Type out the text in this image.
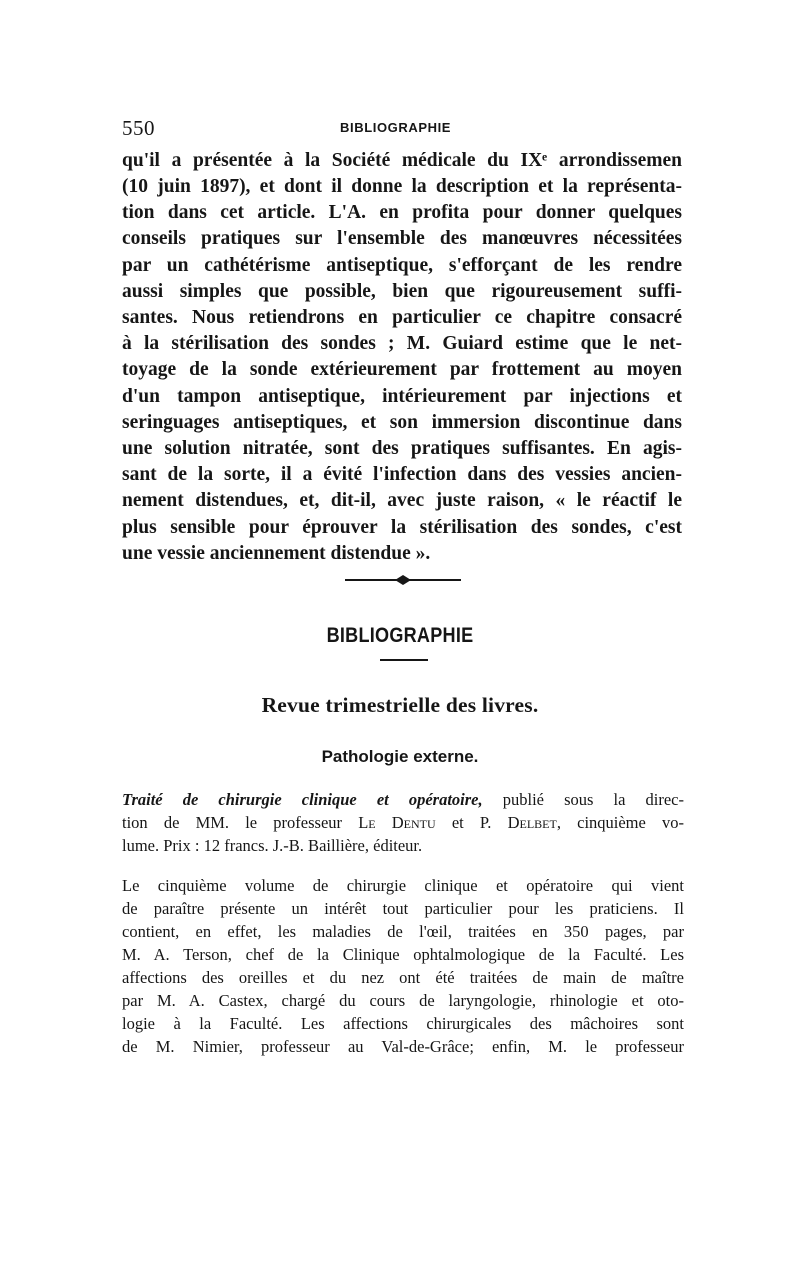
550	BIBLIOGRAPHIE

qu'il a présentée à la Société médicale du IXᵉ arrondissemen

(10 juin 1897), et dont il donne la description et la représenta-

tion dans cet article. L'A. en profita pour donner quelques

conseils pratiques sur l'ensemble des manœuvres nécessitées

par un cathétérisme antiseptique, s'efforçant de les rendre

aussi simples que possible, bien que rigoureusement suffi-

santes. Nous retiendrons en particulier ce chapitre consacré

à la stérilisation des sondes ; M. Guiard estime que le net-

toyage de la sonde extérieurement par frottement au moyen

d'un tampon antiseptique, intérieurement par injections et

seringuages antiseptiques, et son immersion discontinue dans

une solution nitratée, sont des pratiques suffisantes. En agis-

sant de la sorte, il a évité l'infection dans des vessies ancien-

nement distendues, et, dit-il, avec juste raison, « le réactif le

plus sensible pour éprouver la stérilisation des sondes, c'est

une vessie anciennement distendue ».

BIBLIOGRAPHIE
Revue trimestrielle des livres.
Pathologie externe.

Traité de chirurgie clinique et opératoire, publié sous la direc-

tion de MM. le professeur Le Dentu et P. Delbet, cinquième vo-

lume. Prix : 12 francs. J.-B. Baillière, éditeur.

Le cinquième volume de chirurgie clinique et opératoire qui vient

de paraître présente un intérêt tout particulier pour les praticiens. Il

contient, en effet, les maladies de l'œil, traitées en 350 pages, par

M. A. Terson, chef de la Clinique ophtalmologique de la Faculté. Les

affections des oreilles et du nez ont été traitées de main de maître

par M. A. Castex, chargé du cours de laryngologie, rhinologie et oto-

logie à la Faculté. Les affections chirurgicales des mâchoires sont

de M. Nimier, professeur au Val-de-Grâce; enfin, M. le professeur
